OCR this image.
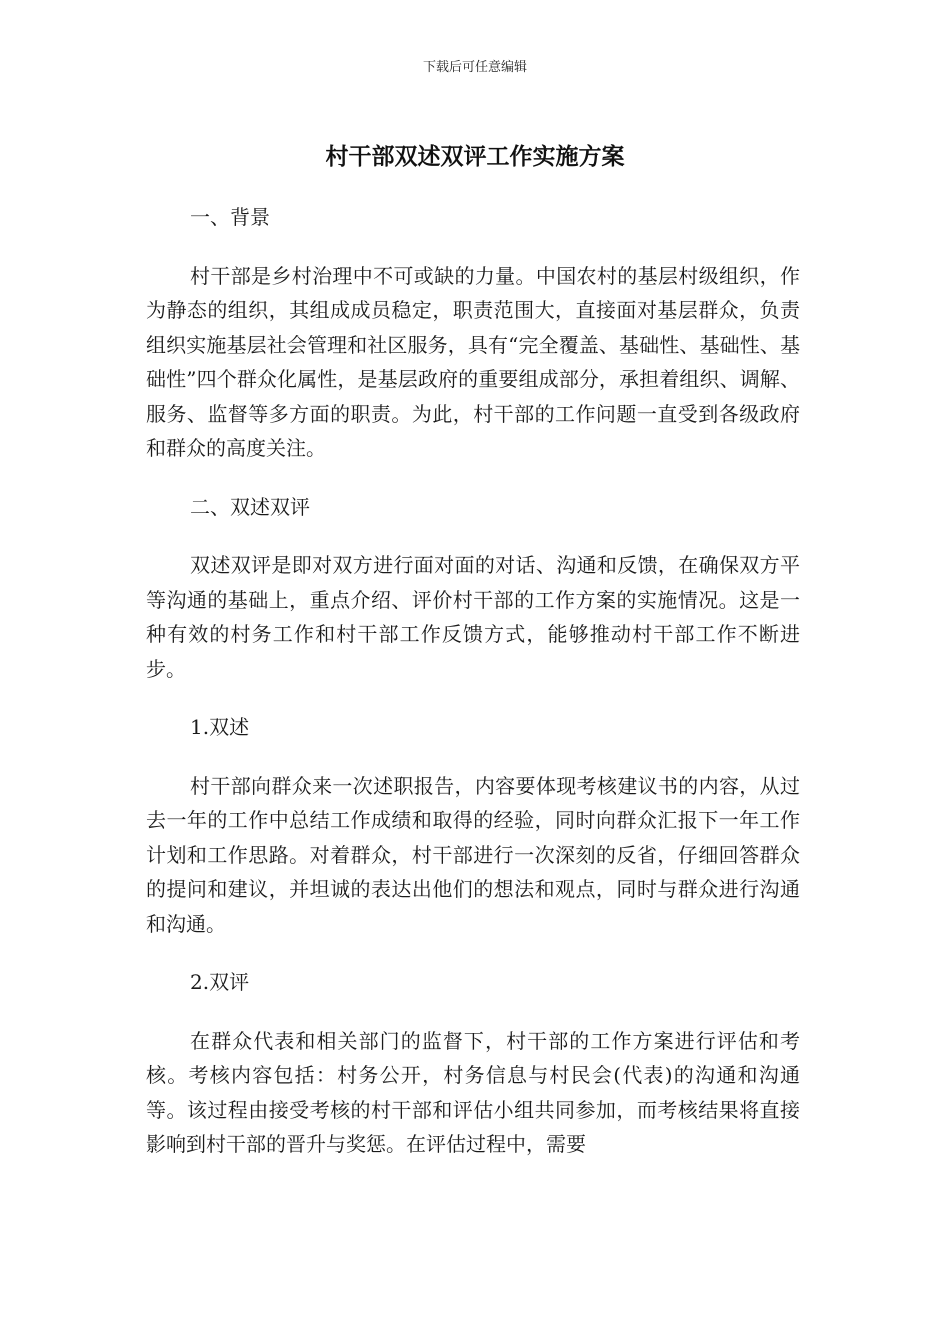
下载后可任意编辑
村干部双述双评工作实施方案

一、背景

村干部是乡村治理中不可或缺的力量。中国农村的基层村级组织，作为静态的组织，其组成成员稳定，职责范围大，直接面对基层群众，负责组织实施基层社会管理和社区服务，具有“完全覆盖、基础性、基础性、基础性”四个群众化属性，是基层政府的重要组成部分，承担着组织、调解、服务、监督等多方面的职责。为此，村干部的工作问题一直受到各级政府和群众的高度关注。

二、双述双评

双述双评是即对双方进行面对面的对话、沟通和反馈，在确保双方平等沟通的基础上，重点介绍、评价村干部的工作方案的实施情况。这是一种有效的村务工作和村干部工作反馈方式，能够推动村干部工作不断进步。

1.双述

村干部向群众来一次述职报告，内容要体现考核建议书的内容，从过去一年的工作中总结工作成绩和取得的经验，同时向群众汇报下一年工作计划和工作思路。对着群众，村干部进行一次深刻的反省，仔细回答群众的提问和建议，并坦诚的表达出他们的想法和观点，同时与群众进行沟通和沟通。

2.双评

在群众代表和相关部门的监督下，村干部的工作方案进行评估和考核。考核内容包括：村务公开，村务信息与村民会(代表)的沟通和沟通等。该过程由接受考核的村干部和评估小组共同参加，而考核结果将直接影响到村干部的晋升与奖惩。在评估过程中，需要
